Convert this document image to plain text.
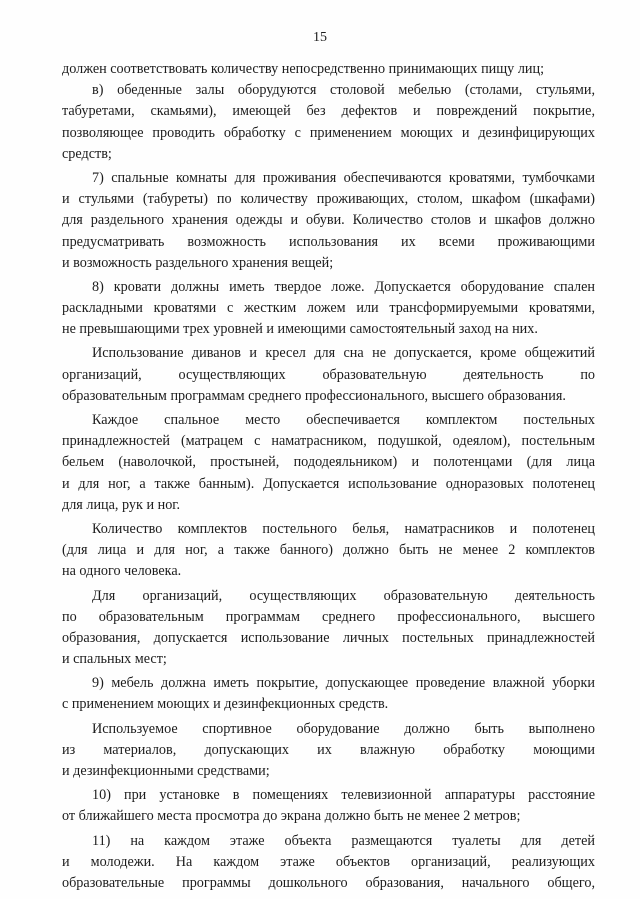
15
должен соответствовать количеству непосредственно принимающих пищу лиц;
в) обеденные залы оборудуются столовой мебелью (столами, стульями,
табуретами, скамьями), имеющей без дефектов и повреждений покрытие,
позволяющее проводить обработку с применением моющих и дезинфицирующих
средств;
7) спальные комнаты для проживания обеспечиваются кроватями, тумбочками
и стульями (табуреты) по количеству проживающих, столом, шкафом (шкафами)
для раздельного хранения одежды и обуви. Количество столов и шкафов должно
предусматривать возможность использования их всеми проживающими
и возможность раздельного хранения вещей;
8) кровати должны иметь твердое ложе. Допускается оборудование спален
раскладными кроватями с жестким ложем или трансформируемыми кроватями,
не превышающими трех уровней и имеющими самостоятельный заход на них.
Использование диванов и кресел для сна не допускается, кроме общежитий
организаций, осуществляющих образовательную деятельность по
образовательным программам среднего профессионального, высшего образования.
Каждое спальное место обеспечивается комплектом постельных
принадлежностей (матрацем с наматрасником, подушкой, одеялом), постельным
бельем (наволочкой, простыней, пододеяльником) и полотенцами (для лица
и для ног, а также банным). Допускается использование одноразовых полотенец
для лица, рук и ног.
Количество комплектов постельного белья, наматрасников и полотенец
(для лица и для ног, а также банного) должно быть не менее 2 комплектов
на одного человека.
Для организаций, осуществляющих образовательную деятельность
по образовательным программам среднего профессионального, высшего
образования, допускается использование личных постельных принадлежностей
и спальных мест;
9) мебель должна иметь покрытие, допускающее проведение влажной уборки
с применением моющих и дезинфекционных средств.
Используемое спортивное оборудование должно быть выполнено
из материалов, допускающих их влажную обработку моющими
и дезинфекционными средствами;
10) при установке в помещениях телевизионной аппаратуры расстояние
от ближайшего места просмотра до экрана должно быть не менее 2 метров;
11) на каждом этаже объекта размещаются туалеты для детей
и молодежи. На каждом этаже объектов организаций, реализующих
образовательные программы дошкольного образования, начального общего,
